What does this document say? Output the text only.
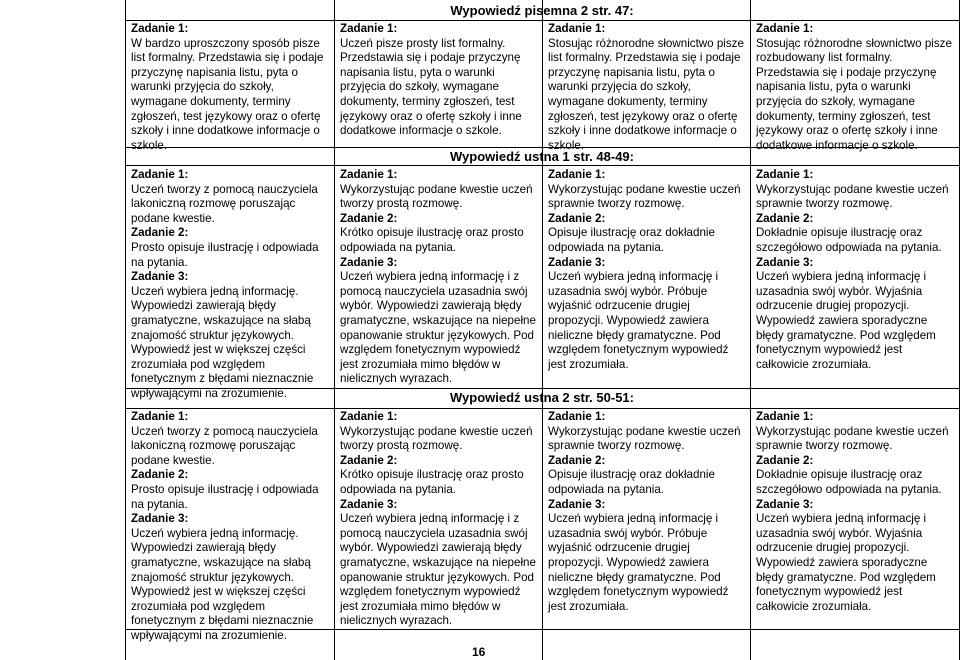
Wypowiedź pisemna 2 str. 47:
Wypowiedź ustna 1 str. 48-49:
Wypowiedź ustna 2 str. 50-51:
Zadanie 1:

W bardzo uproszczony sposób pisze list formalny. Przedstawia się i podaje przyczynę napisania listu, pyta o warunki przyjęcia do szkoły, wymagane dokumenty, terminy zgłoszeń, test językowy oraz o ofertę szkoły i inne dodatkowe informacje o szkole.

Zadanie 1:

Uczeń pisze prosty list formalny. Przedstawia się i podaje przyczynę napisania listu, pyta o warunki przyjęcia do szkoły, wymagane dokumenty, terminy zgłoszeń, test językowy oraz o ofertę szkoły i inne dodatkowe informacje o szkole.

Zadanie 1:

Stosując różnorodne słownictwo pisze list formalny. Przedstawia się i podaje przyczynę napisania listu, pyta o warunki przyjęcia do szkoły, wymagane dokumenty, terminy zgłoszeń, test językowy oraz o ofertę szkoły i inne dodatkowe informacje o szkole.

Zadanie 1:

Stosując różnorodne słownictwo pisze rozbudowany list formalny. Przedstawia się i podaje przyczynę napisania listu, pyta o warunki przyjęcia do szkoły, wymagane dokumenty, terminy zgłoszeń, test językowy oraz o ofertę szkoły i inne dodatkowe informacje o szkole.

Zadanie 1:

Uczeń tworzy z pomocą nauczyciela lakoniczną rozmowę poruszając podane kwestie.

Zadanie 2:

Prosto opisuje ilustrację i odpowiada na pytania.

Zadanie 3:

Uczeń wybiera jedną informację. Wypowiedzi zawierają błędy gramatyczne, wskazujące na słabą znajomość struktur językowych. Wypowiedź jest w większej części zrozumiała pod względem fonetycznym z błędami nieznacznie wpływającymi na zrozumienie.

Zadanie 1:

Wykorzystując podane kwestie uczeń tworzy prostą rozmowę.

Zadanie 2:

Krótko opisuje ilustrację oraz prosto odpowiada na pytania.

Zadanie 3:

Uczeń wybiera jedną informację i z pomocą nauczyciela uzasadnia swój wybór. Wypowiedzi zawierają błędy gramatyczne, wskazujące na niepełne opanowanie struktur językowych. Pod względem fonetycznym wypowiedź jest zrozumiała mimo błędów w nielicznych wyrazach.

Zadanie 1:

Wykorzystując podane kwestie uczeń sprawnie tworzy rozmowę.

Zadanie 2:

Opisuje ilustrację oraz dokładnie odpowiada na pytania.

Zadanie 3:

Uczeń wybiera jedną informację i uzasadnia swój wybór. Próbuje wyjaśnić odrzucenie drugiej propozycji. Wypowiedź zawiera nieliczne błędy gramatyczne. Pod względem fonetycznym wypowiedź jest zrozumiała.

Zadanie 1:

Wykorzystując podane kwestie uczeń sprawnie tworzy rozmowę.

Zadanie 2:

Dokładnie opisuje ilustrację oraz szczegółowo odpowiada na pytania.

Zadanie 3:

Uczeń wybiera jedną informację i uzasadnia swój wybór. Wyjaśnia odrzucenie drugiej propozycji. Wypowiedź zawiera sporadyczne błędy gramatyczne. Pod względem fonetycznym wypowiedź jest całkowicie zrozumiała.

Zadanie 1:

Uczeń tworzy z pomocą nauczyciela lakoniczną rozmowę poruszając podane kwestie.

Zadanie 2:

Prosto opisuje ilustrację i odpowiada na pytania.

Zadanie 3:

Uczeń wybiera jedną informację. Wypowiedzi zawierają błędy gramatyczne, wskazujące na słabą znajomość struktur językowych. Wypowiedź jest w większej części zrozumiała pod względem fonetycznym z błędami nieznacznie wpływającymi na zrozumienie.

Zadanie 1:

Wykorzystując podane kwestie uczeń tworzy prostą rozmowę.

Zadanie 2:

Krótko opisuje ilustrację oraz prosto odpowiada na pytania.

Zadanie 3:

Uczeń wybiera jedną informację i z pomocą nauczyciela uzasadnia swój wybór. Wypowiedzi zawierają błędy gramatyczne, wskazujące na niepełne opanowanie struktur językowych. Pod względem fonetycznym wypowiedź jest zrozumiała mimo błędów w nielicznych wyrazach.

Zadanie 1:

Wykorzystując podane kwestie uczeń sprawnie tworzy rozmowę.

Zadanie 2:

Opisuje ilustrację oraz dokładnie odpowiada na pytania.

Zadanie 3:

Uczeń wybiera jedną informację i uzasadnia swój wybór. Próbuje wyjaśnić odrzucenie drugiej propozycji. Wypowiedź zawiera nieliczne błędy gramatyczne. Pod względem fonetycznym wypowiedź jest zrozumiała.

Zadanie 1:

Wykorzystując podane kwestie uczeń sprawnie tworzy rozmowę.

Zadanie 2:

Dokładnie opisuje ilustrację oraz szczegółowo odpowiada na pytania.

Zadanie 3:

Uczeń wybiera jedną informację i uzasadnia swój wybór. Wyjaśnia odrzucenie drugiej propozycji. Wypowiedź zawiera sporadyczne błędy gramatyczne. Pod względem fonetycznym wypowiedź jest całkowicie zrozumiała.

16
